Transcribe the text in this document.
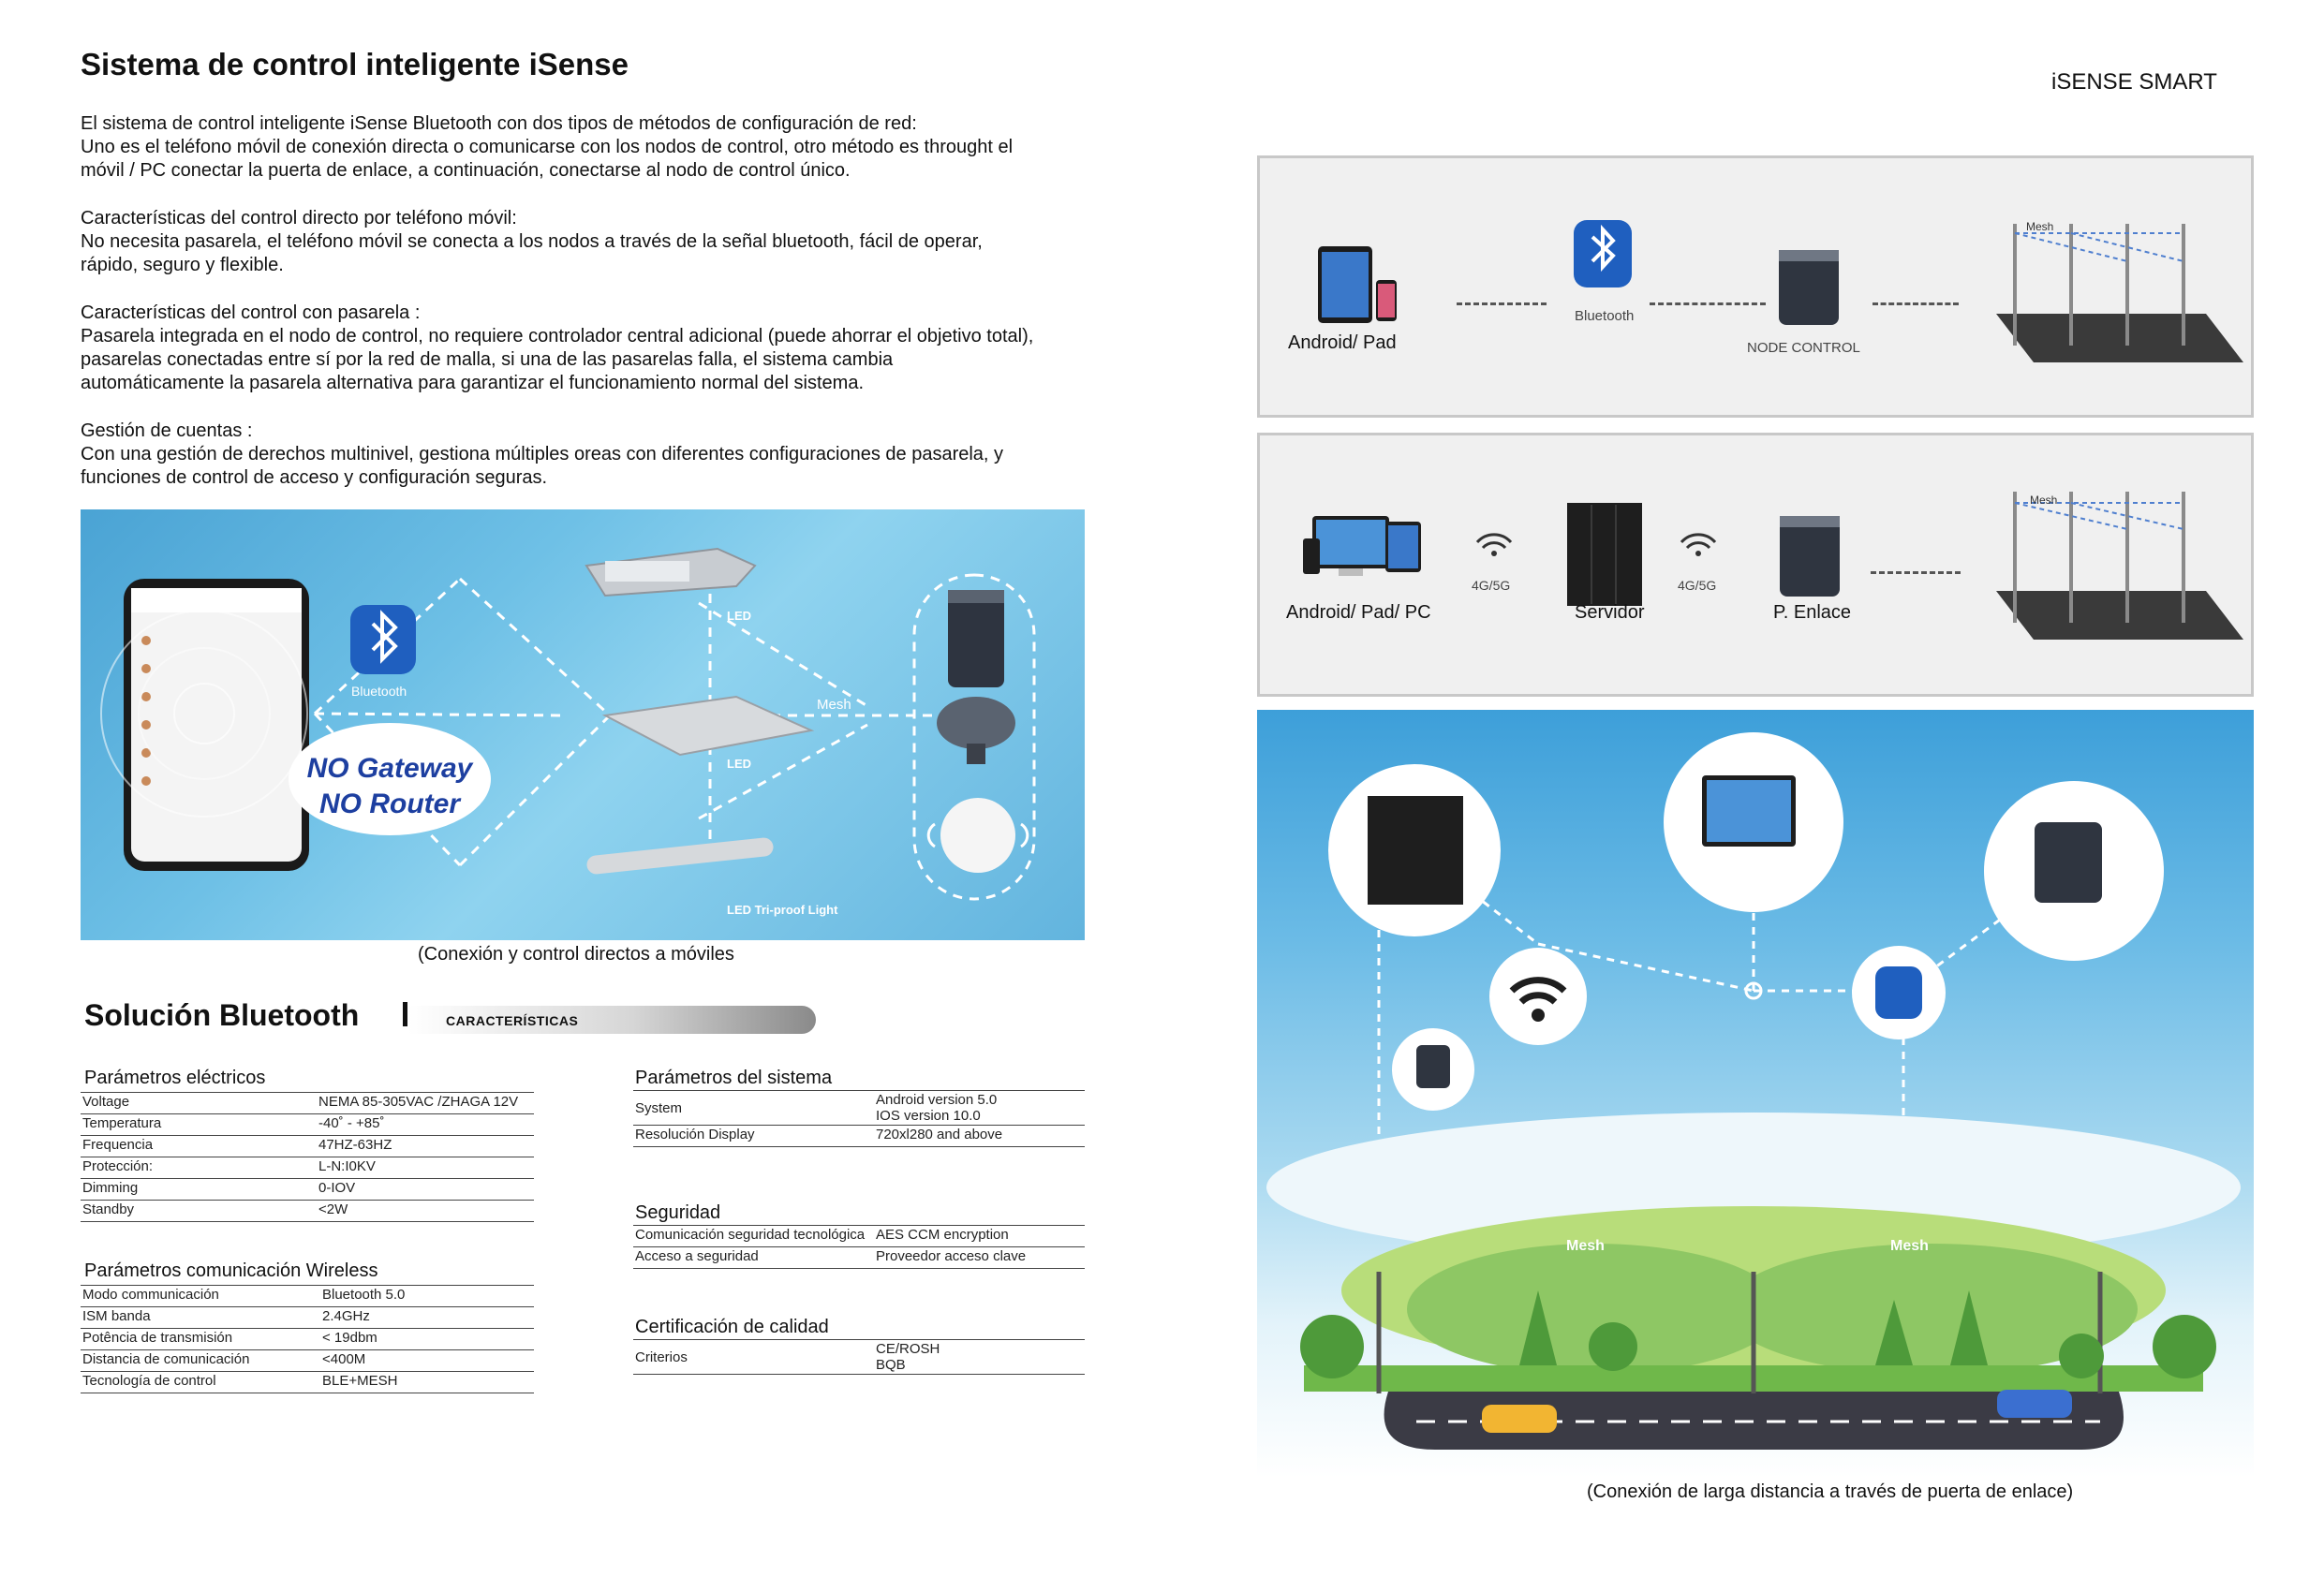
Sistema de control inteligente iSense
iSENSE SMART

El sistema de control inteligente iSense Bluetooth con dos tipos de métodos de configuración de red:

Uno es el teléfono móvil de conexión directa o comunicarse con los nodos de control, otro método es throught el

móvil / PC conectar la puerta de enlace, a continuación, conectarse al nodo de control único.

Características del control directo por teléfono móvil:

No necesita pasarela, el teléfono móvil se conecta a los nodos a través de la señal bluetooth, fácil de operar,

rápido, seguro y flexible.

Características del control con pasarela :

Pasarela integrada en el nodo de control, no requiere controlador central adicional (puede ahorrar el objetivo total),

pasarelas conectadas entre sí por la red de malla, si una de las pasarelas falla, el sistema cambia

automáticamente la pasarela alternativa para garantizar el funcionamiento normal del sistema.

Gestión de cuentas :

Con una gestión de derechos multinivel, gestiona múltiples oreas con diferentes configuraciones de pasarela, y

funciones de control de acceso y configuración seguras.

Bluetooth
NO Gateway
NO Router
LED
LED
Mesh
LED Tri-proof Light
(Conexión y control directos a móviles
Solución Bluetooth	CARACTERÍSTICAS
Parámetros eléctricos
Voltage	NEMA 85-305VAC /ZHAGA 12V
Temperatura	-40˚ - +85˚
Frequencia	47HZ-63HZ
Protección:	L-N:I0KV
Dimming	0-IOV
Standby	<2W
Parámetros comunicación Wireless
Modo communicación	Bluetooth 5.0
ISM banda	2.4GHz
Potência de transmisión	< 19dbm
Distancia de comunicación	<400M
Tecnología de control	BLE+MESH
Parámetros del sistema
System	Android version 5.0
IOS version 10.0

Resolución Display	720xl280 and above
Seguridad
Comunicación seguridad tecnológica	AES CCM encryption
Acceso a seguridad	Proveedor acceso clave
Certificación de calidad
Criterios	CE/ROSH
BQB
Android/ Pad
Bluetooth
NODE CONTROL
Mesh
4G/5G	4G/5G
Android/ Pad/ PC	Servidor	P. Enlace
Mesh
Mesh	Mesh
(Conexión de larga distancia a través de puerta de enlace)
